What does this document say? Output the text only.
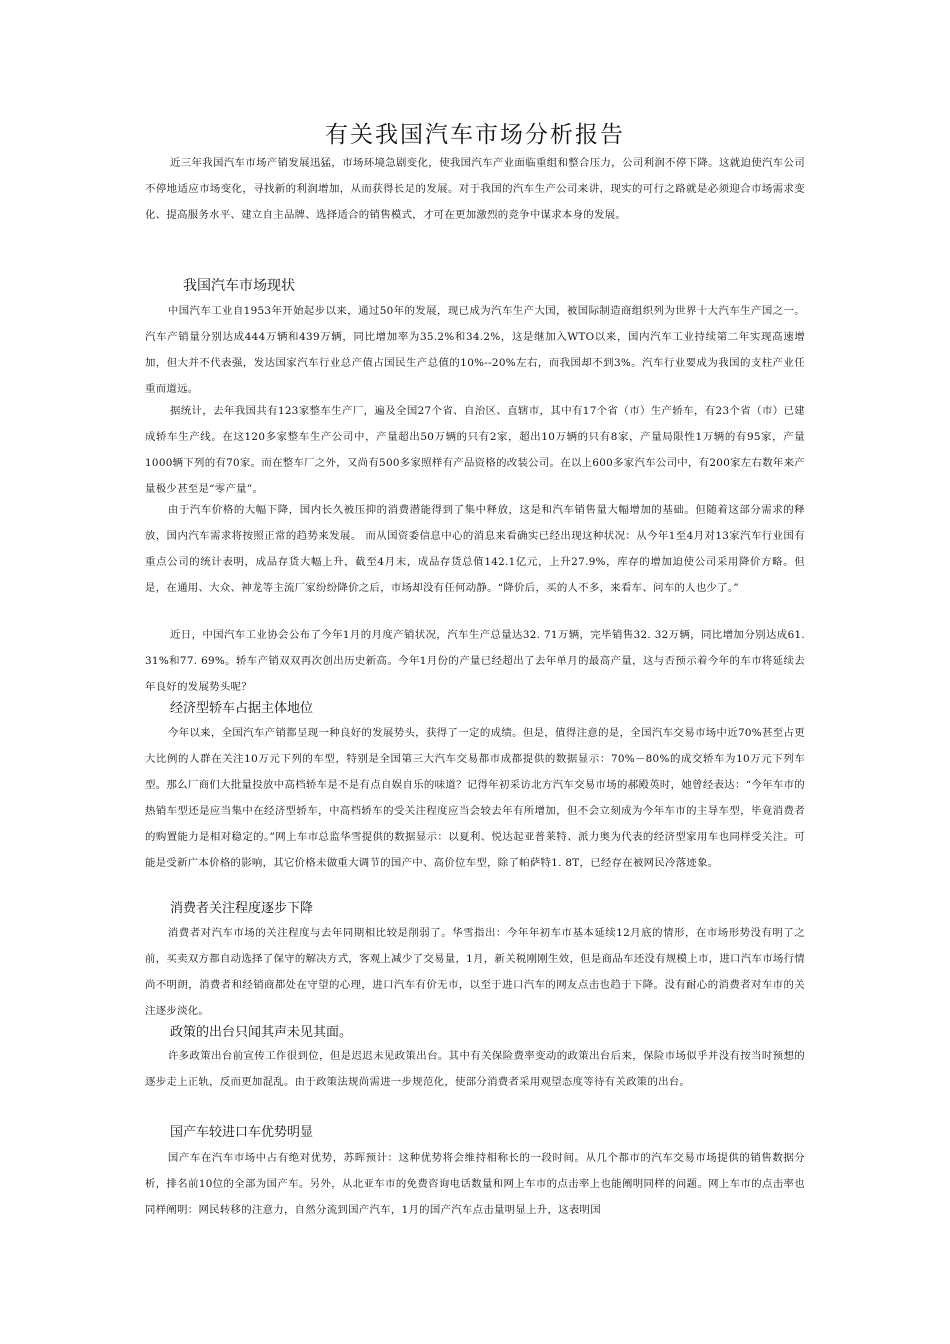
有关我国汽车市场分析报告

近三年我国汽车市场产销发展迅猛，市场环境急剧变化，使我国汽车产业面临重组和整合压力，公司利润不停下降。这就迫使汽车公司不停地适应市场变化，寻找新的利润增加，从而获得长足的发展。对于我国的汽车生产公司来讲，现实的可行之路就是必须迎合市场需求变化、提高服务水平、建立自主品牌、选择适合的销售模式，才可在更加激烈的竞争中谋求本身的发展。

我国汽车市场现状

中国汽车工业自1953年开始起步以来，通过50年的发展，现已成为汽车生产大国，被国际制造商组织列为世界十大汽车生产国之一。汽车产销量分别达成444万辆和439万辆，同比增加率为35.2%和34.2%，这是继加入WTO以来，国内汽车工业持续第二年实现高速增加，但大并不代表强，发达国家汽车行业总产值占国民生产总值的10%--20%左右，而我国却不到3%。汽车行业要成为我国的支柱产业任重而道远。

据统计，去年我国共有123家整车生产厂，遍及全国27个省、自治区、直辖市，其中有17个省（市）生产轿车，有23个省（市）已建成轿车生产线。在这120多家整车生产公司中，产量超出50万辆的只有2家，超出10万辆的只有8家，产量局限性1万辆的有95家，产量1000辆下列的有70家。而在整车厂之外，又尚有500多家照样有产品资格的改装公司。在以上600多家汽车公司中，有200家左右数年来产量极少甚至是“零产量”。

由于汽车价格的大幅下降，国内长久被压抑的消费潜能得到了集中释放，这是和汽车销售量大幅增加的基础。但随着这部分需求的释放，国内汽车需求将按照正常的趋势来发展。 而从国资委信息中心的消息来看确实已经出现这种状况：从今年1至4月对13家汽车行业国有重点公司的统计表明，成品存货大幅上升，截至4月末，成品存货总值142.1亿元，上升27.9%，库存的增加迫使公司采用降价方略。但是，在通用、大众、神龙等主流厂家纷纷降价之后，市场却没有任何动静。“降价后，买的人不多，来看车、问车的人也少了。”

近日，中国汽车工业协会公布了今年1月的月度产销状况，汽车生产总量达32. 71万辆，完毕销售32. 32万辆，同比增加分别达成61. 31%和77. 69%。轿车产销双双再次创出历史新高。今年1月份的产量已经超出了去年单月的最高产量，这与否预示着今年的车市将延续去年良好的发展势头呢？

经济型轿车占据主体地位

今年以来，全国汽车产销都呈现一种良好的发展势头，获得了一定的成绩。但是，值得注意的是，全国汽车交易市场中近70%甚至占更大比例的人群在关注10万元下列的车型，特别是全国第三大汽车交易都市成都提供的数据显示：70%－80%的成交轿车为10万元下列车型。那么厂商们大批量投放中高档轿车是不是有点自娱自乐的味道？记得年初采访北方汽车交易市场的郝殿英时，她曾经表达：“今年车市的热销车型还是应当集中在经济型轿车，中高档轿车的受关注程度应当会较去年有所增加，但不会立刻成为今年车市的主导车型，毕竟消费者的购置能力是相对稳定的。”网上车市总监华雪提供的数据显示：以夏利、悦达起亚普莱特、派力奥为代表的经济型家用车也同样受关注。可能是受新广本价格的影响，其它价格未做重大调节的国产中、高价位车型，除了帕萨特1. 8T，已经存在被网民冷落迹象。

消费者关注程度逐步下降

消费者对汽车市场的关注程度与去年同期相比较是削弱了。华雪指出：今年年初车市基本延续12月底的情形，在市场形势没有明了之前，买卖双方都自动选择了保守的解决方式，客观上减少了交易量，1月，新关税刚刚生效，但是商品车还没有规模上市，进口汽车市场行情尚不明朗，消费者和经销商都处在守望的心理，进口汽车有价无市，以至于进口汽车的网友点击也趋于下降。没有耐心的消费者对车市的关注逐步淡化。

政策的出台只闻其声未见其面。

许多政策出台前宣传工作很到位，但是迟迟未见政策出台。其中有关保险费率变动的政策出台后来，保险市场似乎并没有按当时预想的逐步走上正轨，反而更加混乱。由于政策法规尚需进一步规范化，使部分消费者采用观望态度等待有关政策的出台。

国产车较进口车优势明显

国产车在汽车市场中占有绝对优势，苏晖预计：这种优势将会维持相称长的一段时间。从几个都市的汽车交易市场提供的销售数据分析，排名前10位的全部为国产车。另外，从北亚车市的免费咨询电话数量和网上车市的点击率上也能阐明同样的问题。网上车市的点击率也同样阐明：网民转移的注意力，自然分流到国产汽车，1月的国产汽车点击量明显上升，这表明国
